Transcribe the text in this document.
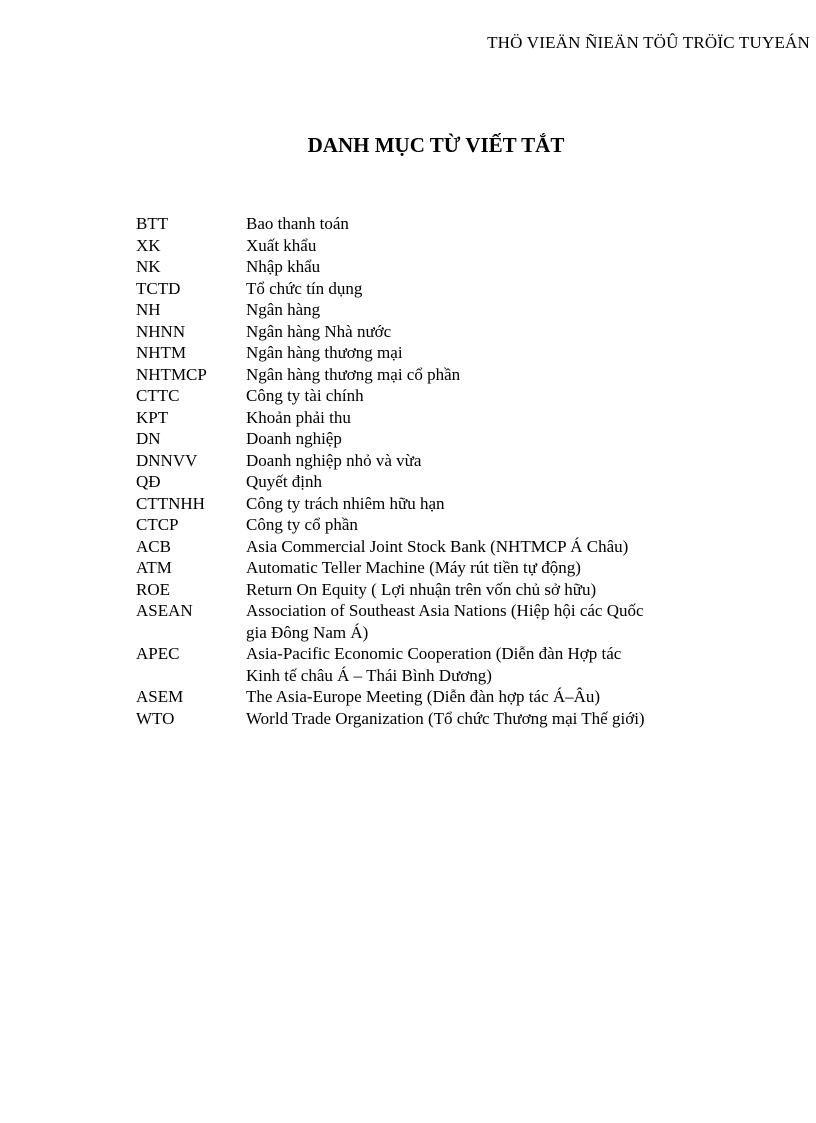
THÖ VIEÄN ÑIEÄN TÖÛ TRÖÏC TUYEÁN
DANH MỤC TỪ VIẾT TẮT
BTT	Bao thanh toán
XK	Xuất khẩu
NK	Nhập khẩu
TCTD	Tổ chức tín dụng
NH	Ngân hàng
NHNN	Ngân hàng Nhà nước
NHTM	Ngân hàng thương mại
NHTMCP	Ngân hàng thương mại cổ phần
CTTC	Công ty tài chính
KPT	Khoản phải thu
DN	Doanh nghiệp
DNNVV	Doanh nghiệp nhỏ và vừa
QĐ	Quyết định
CTTNHH	Công ty trách nhiêm hữu hạn
CTCP	Công ty cổ phần
ACB	Asia Commercial Joint Stock Bank (NHTMCP Á Châu)
ATM	Automatic Teller Machine (Máy rút tiền tự động)
ROE	Return On Equity ( Lợi nhuận trên vốn chủ sở hữu)
ASEAN	Association of Southeast Asia Nations (Hiệp hội các Quốc
gia Đông Nam Á)
APEC	Asia-Pacific Economic Cooperation (Diễn đàn Hợp tác
Kinh tế châu Á – Thái Bình Dương)
ASEM	The Asia-Europe Meeting (Diễn đàn hợp tác Á–Âu)
WTO	World Trade Organization (Tổ chức Thương mại Thế giới)
